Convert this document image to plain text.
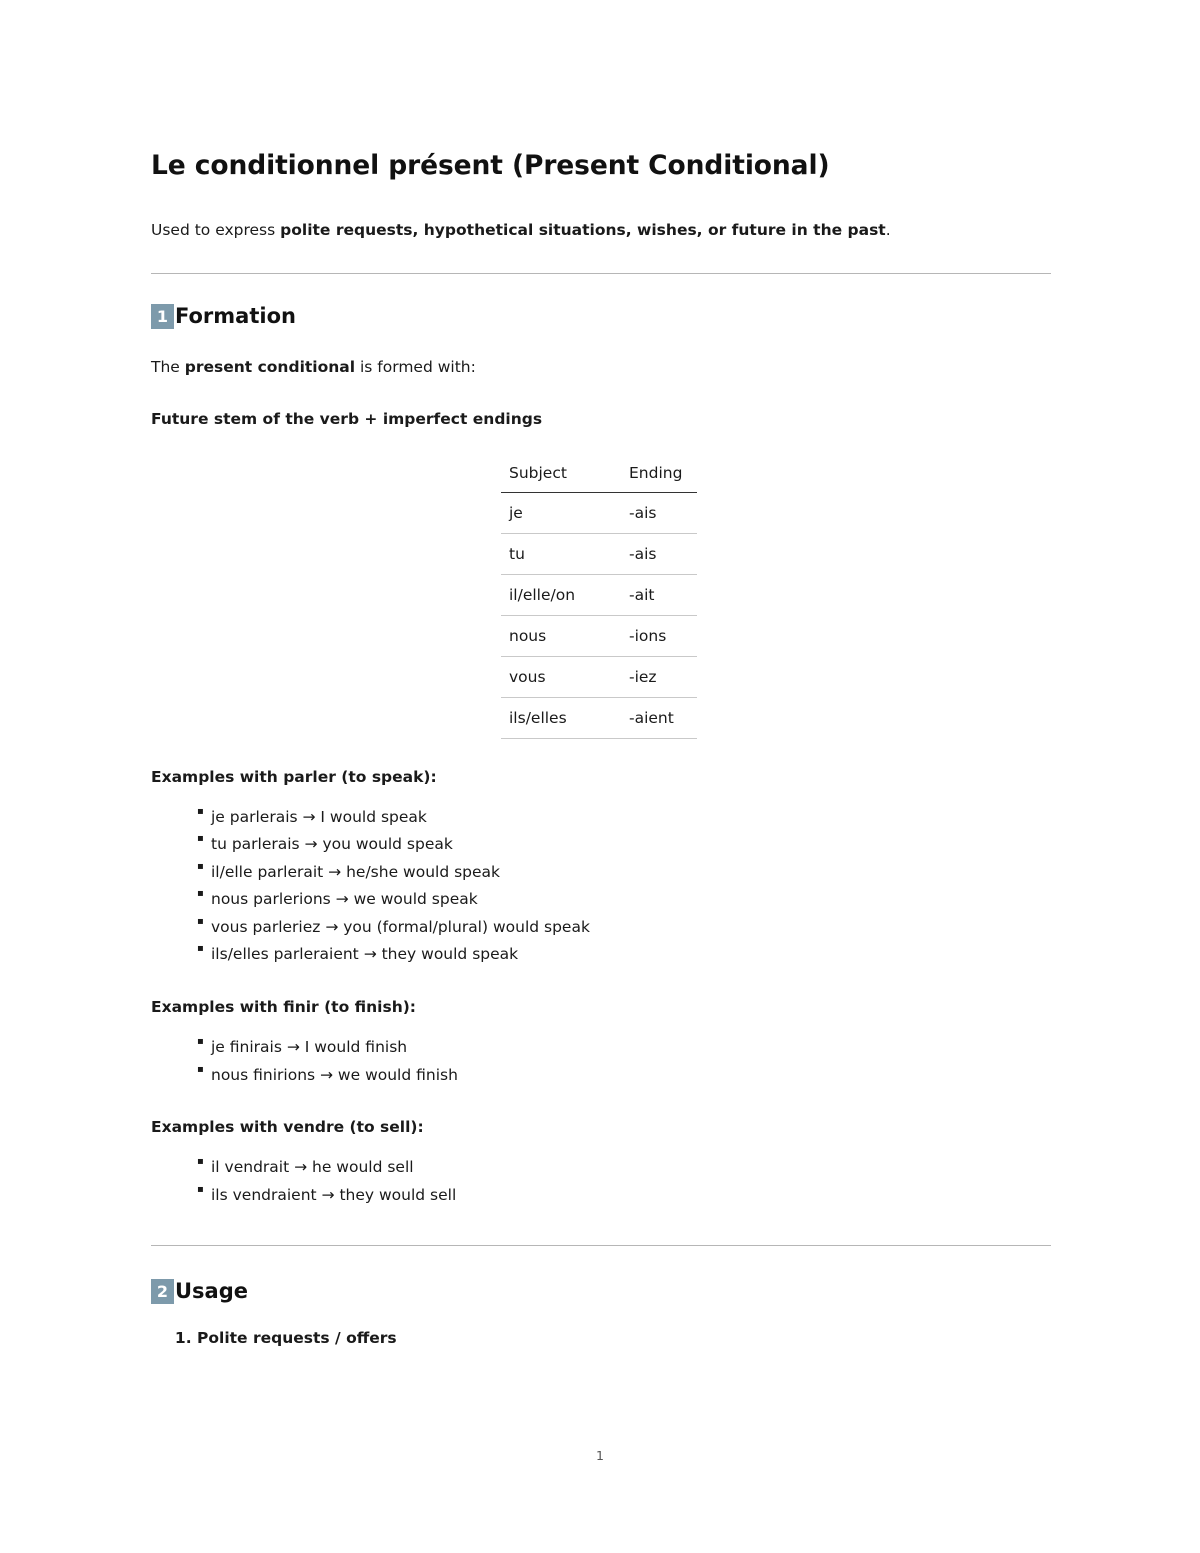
Le conditionnel présent (Present Conditional)

Used to express polite requests, hypothetical situations, wishes, or future in the past.

1 Formation

The present conditional is formed with:

Future stem of the verb + imperfect endings

Subject	Ending
je	-ais
tu	-ais
il/elle/on	-ait
nous	-ions
vous	-iez
ils/elles	-aient

Examples with parler (to speak):

▪ je parlerais → I would speak
▪ tu parlerais → you would speak
▪ il/elle parlerait → he/she would speak
▪ nous parlerions → we would speak
▪ vous parleriez → you (formal/plural) would speak
▪ ils/elles parleraient → they would speak

Examples with finir (to finish):

▪ je finirais → I would finish
▪ nous finirions → we would finish

Examples with vendre (to sell):

▪ il vendrait → he would sell
▪ ils vendraient → they would sell
2 Usage
1. Polite requests / offers
1
